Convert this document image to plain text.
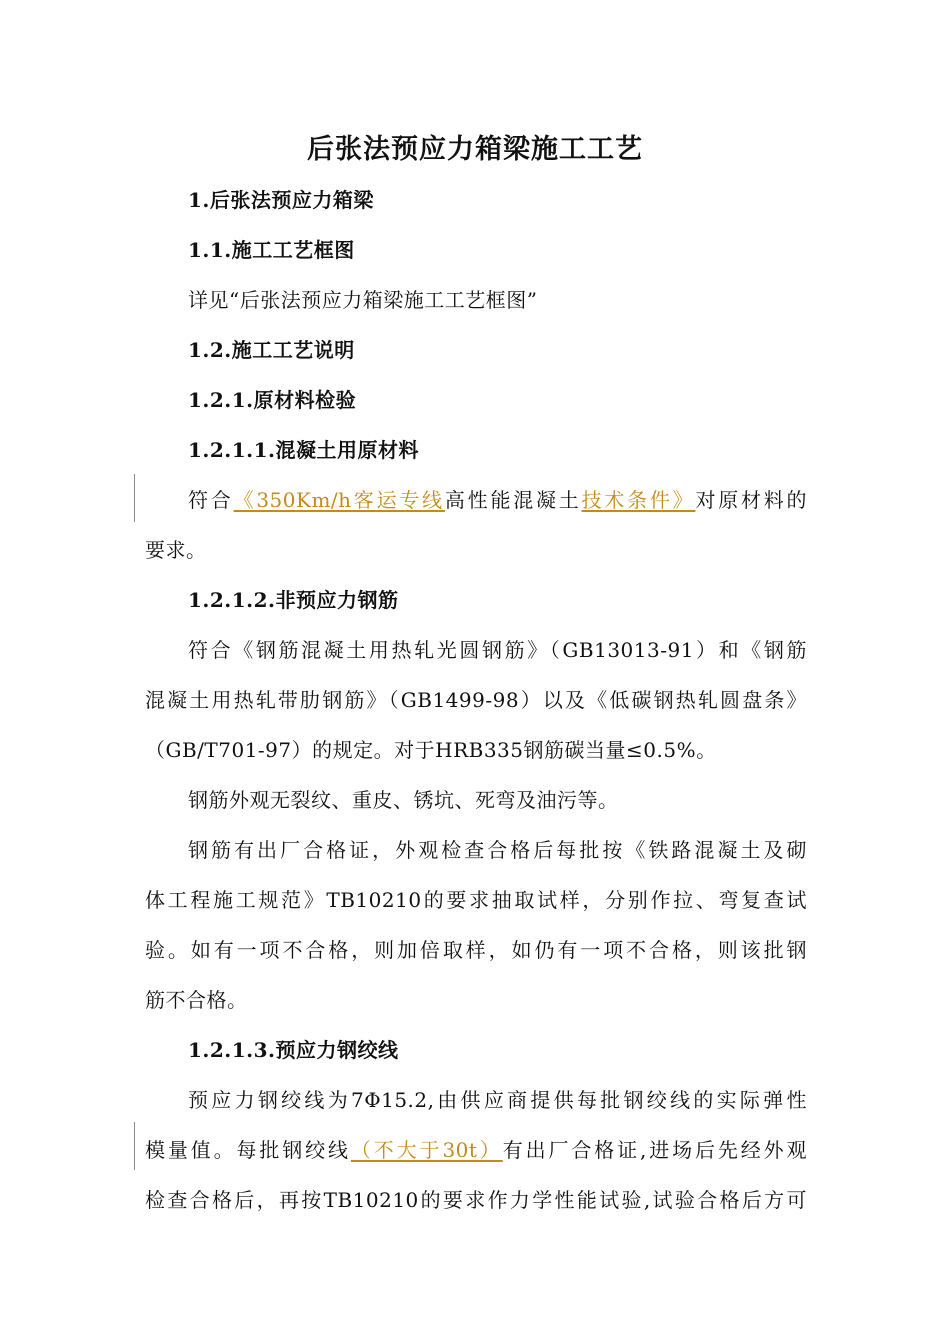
后张法预应力箱梁施工工艺
1.后张法预应力箱梁
1.1.施工工艺框图
详见“后张法预应力箱梁施工工艺框图”
1.2.施工工艺说明
1.2.1.原材料检验
1.2.1.1.混凝土用原材料
符合《350Km/h客运专线高性能混凝土技术条件》对原材料的
要求。
1.2.1.2.非预应力钢筋
符合《钢筋混凝土用热轧光圆钢筋》（GB13013-91）和《钢筋
混凝土用热轧带肋钢筋》（GB1499-98）以及《低碳钢热轧圆盘条》
（GB/T701-97）的规定。对于HRB335钢筋碳当量≤0.5%。
钢筋外观无裂纹、重皮、锈坑、死弯及油污等。
钢筋有出厂合格证，外观检查合格后每批按《铁路混凝土及砌
体工程施工规范》TB10210的要求抽取试样，分别作拉、弯复查试
验。如有一项不合格，则加倍取样，如仍有一项不合格，则该批钢
筋不合格。
1.2.1.3.预应力钢绞线
预应力钢绞线为7Φ15.2,由供应商提供每批钢绞线的实际弹性
模量值。每批钢绞线（不大于30t）有出厂合格证,进场后先经外观
检查合格后，再按TB10210的要求作力学性能试验,试验合格后方可
